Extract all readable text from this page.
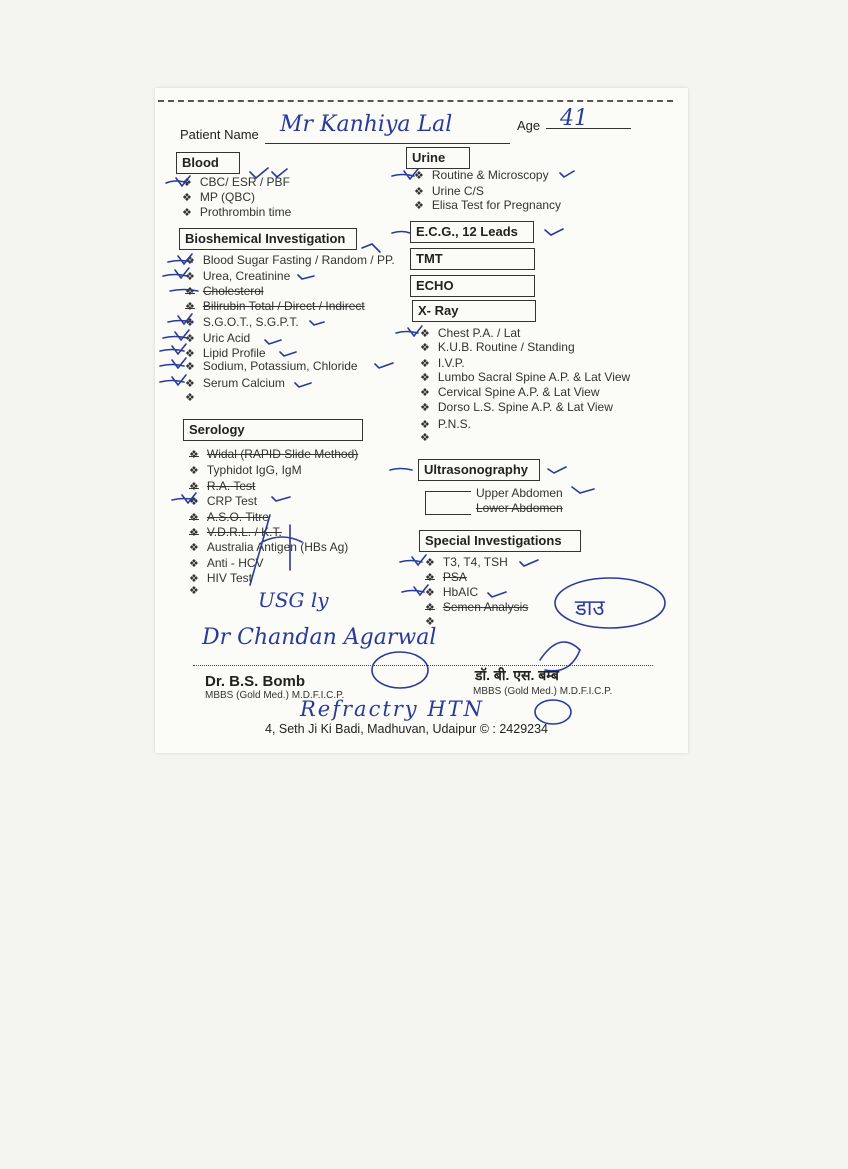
Patient Name Mr Kanhiya Lal	Age 41
Blood
❖ CBC/ ESR / PBF
❖ MP (QBC)
❖ Prothrombin time
Bioshemical Investigation
❖ Blood Sugar Fasting / Random / PP.
❖ Urea, Creatinine
❖ Cholesterol
❖ Bilirubin Total / Direct / Indirect
❖ S.G.O.T., S.G.P.T.
❖ Uric Acid
❖ Lipid Profile
❖ Sodium, Potassium, Chloride
❖ Serum Calcium
❖
Serology
❖ Widal (RAPID Slide Method)
❖ Typhidot IgG, IgM
❖ R.A. Test
❖ CRP Test
❖ A.S.O. Titre
❖ V.D.R.L. / K.T.
❖ Australia Antigen (HBs Ag)
❖ Anti - HCV
❖ HIV Test
❖
Urine
❖ Routine & Microscopy
❖ Urine C/S
❖ Elisa Test for Pregnancy
E.C.G., 12 Leads
TMT
ECHO
X- Ray
❖ Chest P.A. / Lat
❖ K.U.B. Routine / Standing
❖ I.V.P.
❖ Lumbo Sacral Spine A.P. & Lat View
❖ Cervical Spine A.P. & Lat View
❖ Dorso L.S. Spine A.P. & Lat View
❖ P.N.S.
❖
Ultrasonography
Upper Abdomen
Lower Abdomen
Special Investigations
❖ T3, T4, TSH
❖ PSA
❖ HbAIC
❖ Semen Analysis
❖
USG ly
Dr Chandan Agarwal
Refractry HTN
डाउ
Dr. B.S. Bomb
MBBS (Gold Med.) M.D.F.I.C.P.
डॉ. बी. एस. बम्ब
MBBS (Gold Med.) M.D.F.I.C.P.
4, Seth Ji Ki Badi, Madhuvan, Udaipur © : 2429234
